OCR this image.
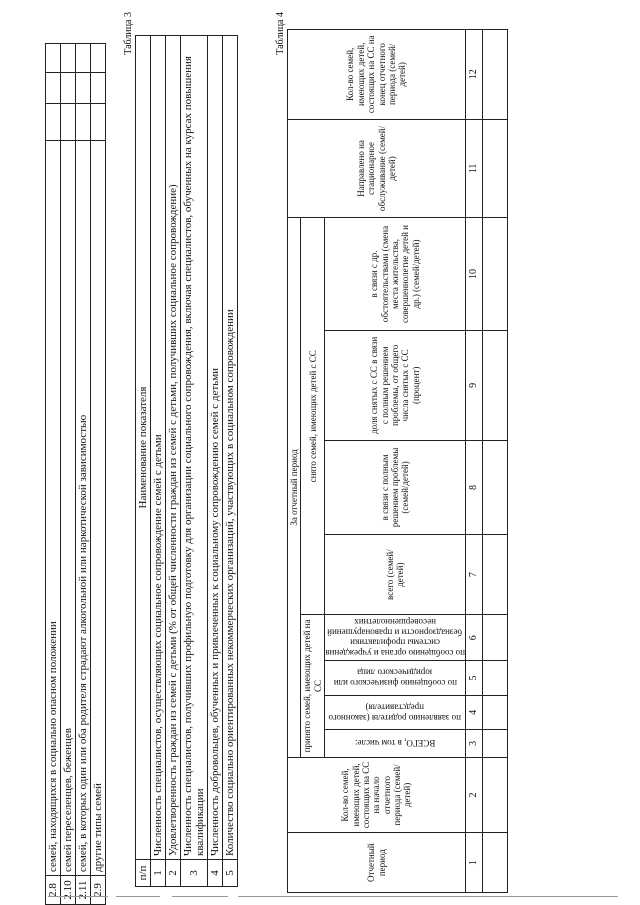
2.8	семей, находящихся в социально опасном положении			
2.10	семей переселенцев, беженцев			
2.11	семей, в которых один или оба родителя страдают алкогольной или наркотической зависимостью			
2.9	другие типы семей			
Таблица 3
п/п	Наименование показателя
1	Численность специалистов, осуществляющих социальное сопровождение семей с детьми
2	Удовлетворенность граждан из семей с детьми (% от общей численности граждан из семей с детьми, получивших социальное сопровождение)
3	Численность специалистов, получивших профильную подготовку для организации социального сопровождения, включая специалистов, обученных на курсах повышения квалификации
4	Численность добровольцев, обученных и привлеченных к социальному сопровождению семей с детьми
5	Количество социально ориентированных некоммерческих организаций, участвующих в социальном сопровождении
Таблица 4
Отчетный период	Кол-во семей, имеющих детей, состоящих на СС на начало отчетного периода (семей/детей)	За отчетный период								Направлено на стационарное обслуживание (семей/детей)	Кол-во семей, имеющих детей, состоящих на СС на конец отчетного периода (семей/детей)
		принято семей, имеющих детей на СС				снято семей, имеющих детей с СС					

		ВСЕГО, в том числе:	по заявлению родителя (законного представителя)	по сообщению физического или юридического лица	по сообщению органа и учреждения системы профилактики безнадзорности и правонарушений несовершеннолетних	всего (семей/детей)	в связи с полным решением проблемы (семей/детей)	доля снятых с СС в связи с полным решением проблемы, от общего числа снятых с СС (процент)	в связи с др. обстоятельствами (смена места жительства, совершеннолетие детей и др.) (семей/детей)		
1	2	3	4	5	6	7	8	9	10	11	12
